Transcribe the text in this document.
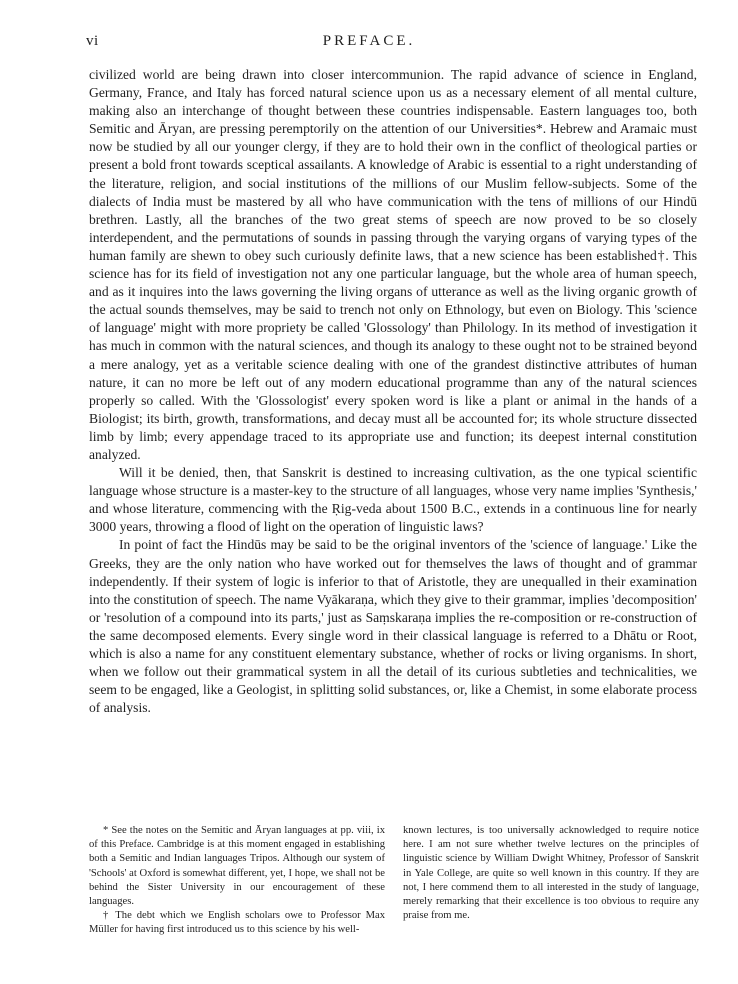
vi	PREFACE.

civilized world are being drawn into closer intercommunion. The rapid advance of science in England, Germany, France, and Italy has forced natural science upon us as a necessary element of all mental culture, making also an interchange of thought between these countries indispensable. Eastern languages too, both Semitic and Āryan, are pressing peremptorily on the attention of our Universities*. Hebrew and Aramaic must now be studied by all our younger clergy, if they are to hold their own in the conflict of theological parties or present a bold front towards sceptical assailants. A knowledge of Arabic is essential to a right understanding of the literature, religion, and social institutions of the millions of our Muslim fellow-subjects. Some of the dialects of India must be mastered by all who have communication with the tens of millions of our Hindū brethren. Lastly, all the branches of the two great stems of speech are now proved to be so closely interdependent, and the permutations of sounds in passing through the varying organs of varying types of the human family are shewn to obey such curiously definite laws, that a new science has been established†. This science has for its field of investigation not any one particular language, but the whole area of human speech, and as it inquires into the laws governing the living organs of utterance as well as the living organic growth of the actual sounds themselves, may be said to trench not only on Ethnology, but even on Biology. This 'science of language' might with more propriety be called 'Glossology' than Philology. In its method of investigation it has much in common with the natural sciences, and though its analogy to these ought not to be strained beyond a mere analogy, yet as a veritable science dealing with one of the grandest distinctive attributes of human nature, it can no more be left out of any modern educational programme than any of the natural sciences properly so called. With the 'Glossologist' every spoken word is like a plant or animal in the hands of a Biologist; its birth, growth, transformations, and decay must all be accounted for; its whole structure dissected limb by limb; every appendage traced to its appropriate use and function; its deepest internal constitution analyzed.

Will it be denied, then, that Sanskrit is destined to increasing cultivation, as the one typical scientific language whose structure is a master-key to the structure of all languages, whose very name implies 'Synthesis,' and whose literature, commencing with the Ṛig-veda about 1500 B.C., extends in a continuous line for nearly 3000 years, throwing a flood of light on the operation of linguistic laws?

In point of fact the Hindūs may be said to be the original inventors of the 'science of language.' Like the Greeks, they are the only nation who have worked out for themselves the laws of thought and of grammar independently. If their system of logic is inferior to that of Aristotle, they are unequalled in their examination into the constitution of speech. The name Vyākaraṇa, which they give to their grammar, implies 'decomposition' or 'resolution of a compound into its parts,' just as Saṃskaraṇa implies the re-composition or re-construction of the same decomposed elements. Every single word in their classical language is referred to a Dhātu or Root, which is also a name for any constituent elementary substance, whether of rocks or living organisms. In short, when we follow out their grammatical system in all the detail of its curious subtleties and technicalities, we seem to be engaged, like a Geologist, in splitting solid substances, or, like a Chemist, in some elaborate process of analysis.

* See the notes on the Semitic and Āryan languages at pp. viii, ix of this Preface. Cambridge is at this moment engaged in establishing both a Semitic and Indian languages Tripos. Although our system of 'Schools' at Oxford is somewhat different, yet, I hope, we shall not be behind the Sister University in our encouragement of these languages.

† The debt which we English scholars owe to Professor Max Müller for having first introduced us to this science by his well-

known lectures, is too universally acknowledged to require notice here. I am not sure whether twelve lectures on the principles of linguistic science by William Dwight Whitney, Professor of Sanskrit in Yale College, are quite so well known in this country. If they are not, I here commend them to all interested in the study of language, merely remarking that their excellence is too obvious to require any praise from me.
